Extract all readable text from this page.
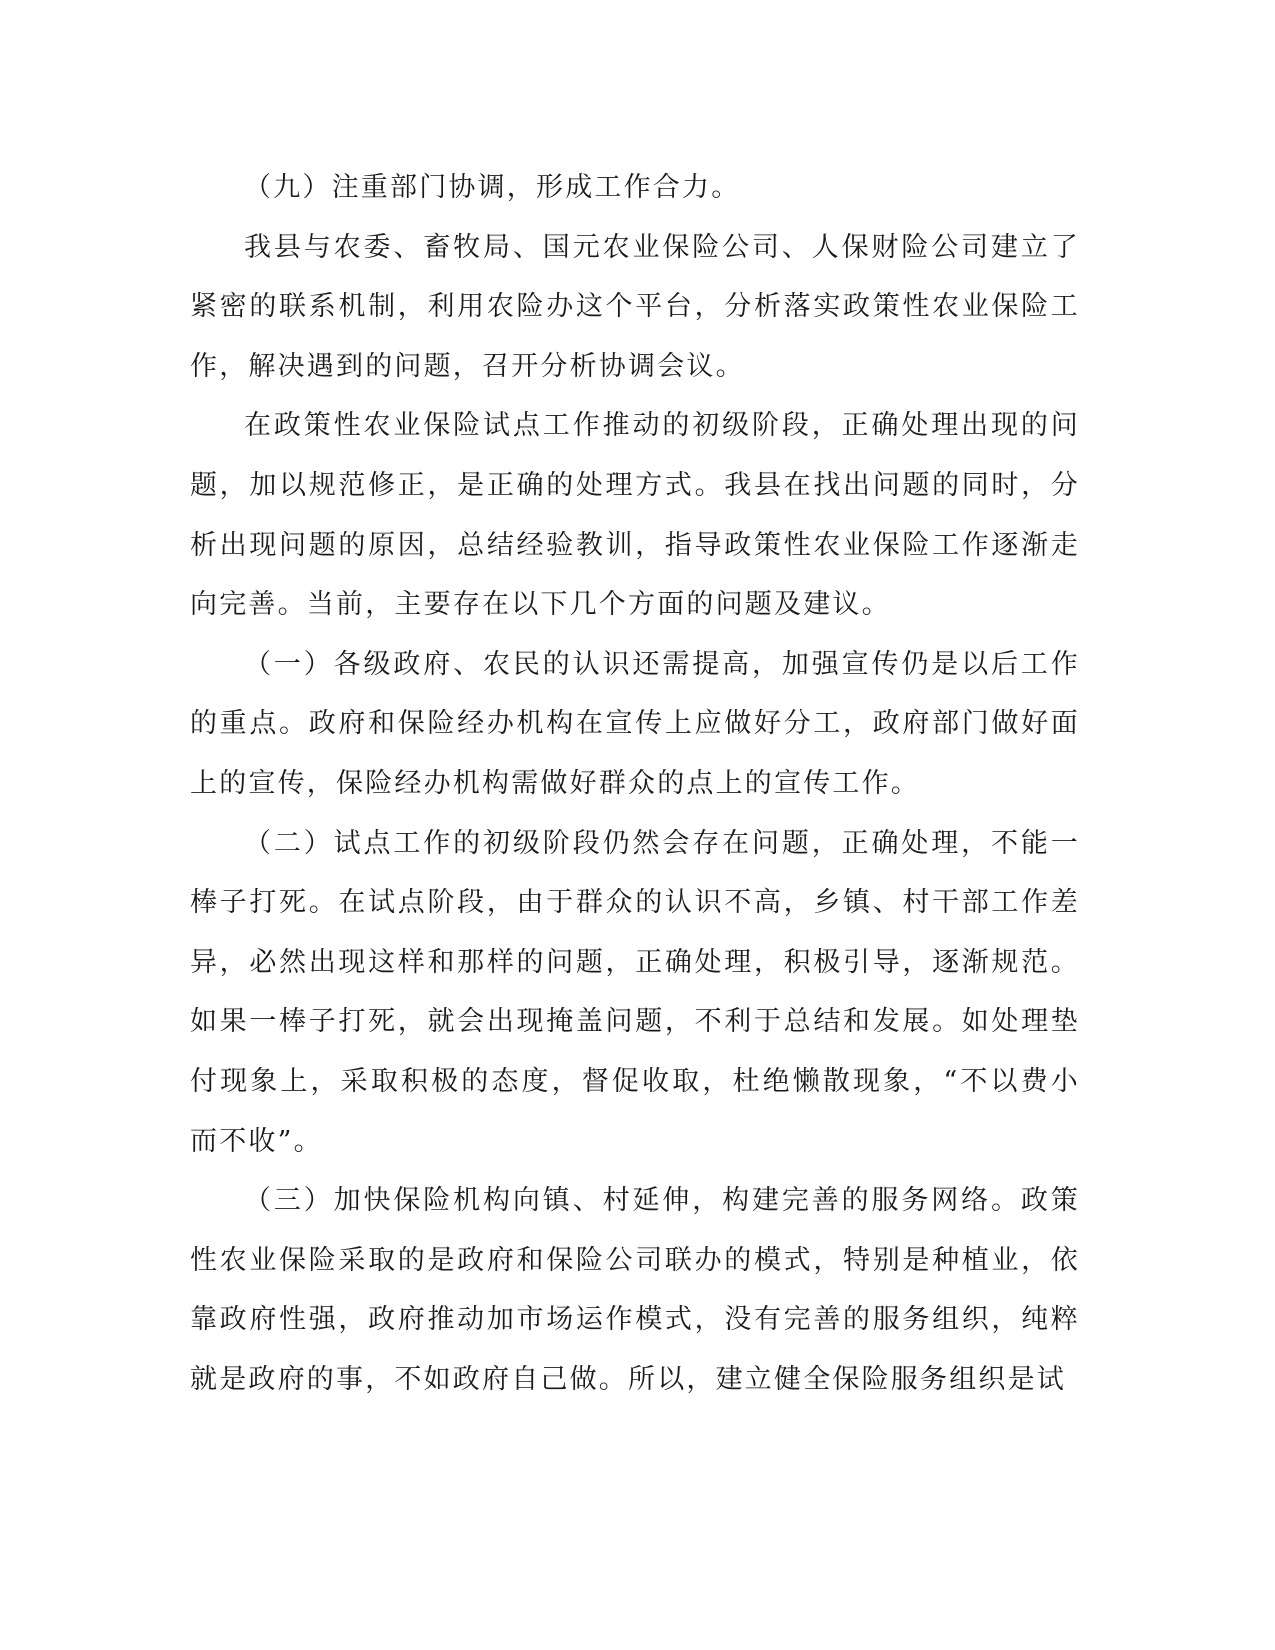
（九）注重部门协调，形成工作合力。

我县与农委、畜牧局、国元农业保险公司、人保财险公司建立了紧密的联系机制，利用农险办这个平台，分析落实政策性农业保险工作，解决遇到的问题，召开分析协调会议。

在政策性农业保险试点工作推动的初级阶段，正确处理出现的问题，加以规范修正，是正确的处理方式。我县在找出问题的同时，分析出现问题的原因，总结经验教训，指导政策性农业保险工作逐渐走向完善。当前，主要存在以下几个方面的问题及建议。

（一）各级政府、农民的认识还需提高，加强宣传仍是以后工作的重点。政府和保险经办机构在宣传上应做好分工，政府部门做好面上的宣传，保险经办机构需做好群众的点上的宣传工作。

（二）试点工作的初级阶段仍然会存在问题，正确处理，不能一棒子打死。在试点阶段，由于群众的认识不高，乡镇、村干部工作差异，必然出现这样和那样的问题，正确处理，积极引导，逐渐规范。如果一棒子打死，就会出现掩盖问题，不利于总结和发展。如处理垫付现象上，采取积极的态度，督促收取，杜绝懒散现象，“不以费小而不收”。

（三）加快保险机构向镇、村延伸，构建完善的服务网络。政策性农业保险采取的是政府和保险公司联办的模式，特别是种植业，依靠政府性强，政府推动加市场运作模式，没有完善的服务组织，纯粹就是政府的事，不如政府自己做。所以，建立健全保险服务组织是试
